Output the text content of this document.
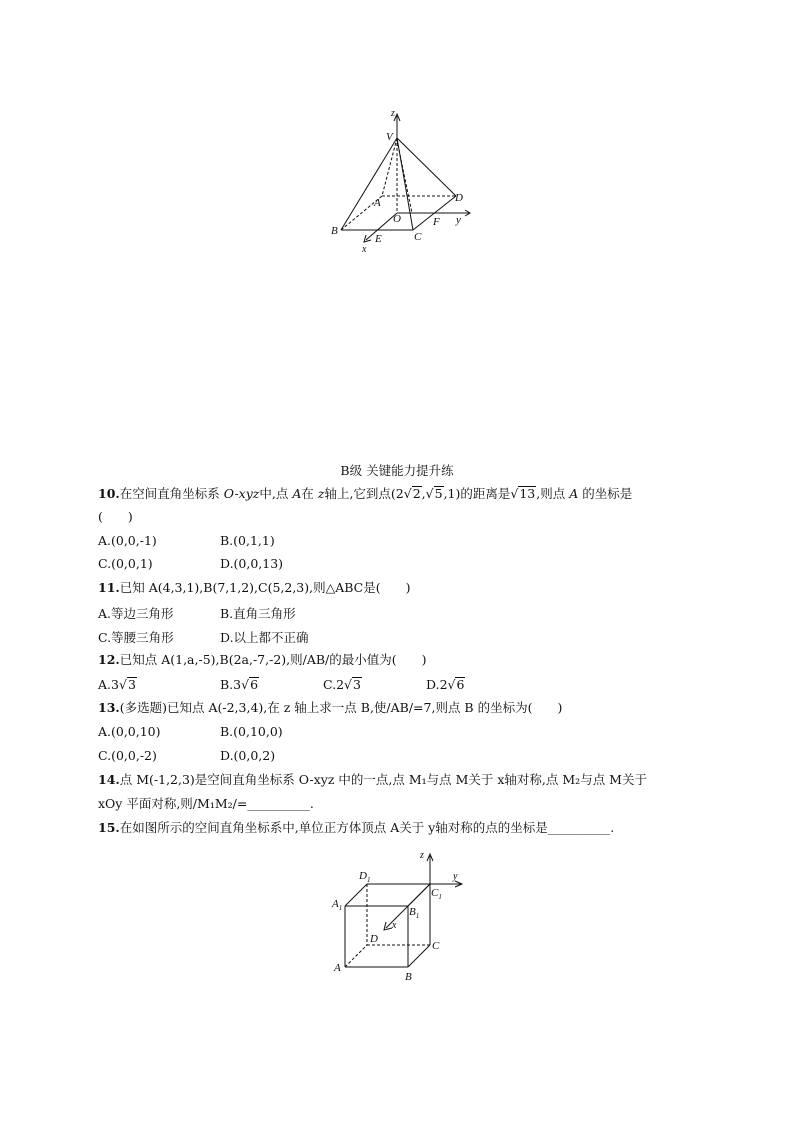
z
V
A	D
B
O
C
F y
E
x
B级 关键能力提升练
10.在空间直角坐标系 O-xyz中,点 A在 z轴上,它到点(2√2,√5,1)的距离是√13,则点 A 的坐标是
(　　)
A.(0,0,-1)	B.(0,1,1)
C.(0,0,1)	D.(0,0,13)
11.已知 A(4,3,1),B(7,1,2),C(5,2,3),则△ABC是(　　)
A.等边三角形	B.直角三角形
C.等腰三角形	D.以上都不正确
12.已知点 A(1,a,-5),B(2a,-7,-2),则/AB/的最小值为(　　)
A.3√3	B.3√6	C.2√3	D.2√6
13.(多选题)已知点 A(-2,3,4),在 z 轴上求一点 B,使/AB/=7,则点 B 的坐标为(　　)
A.(0,0,10)	B.(0,10,0)
C.(0,0,-2)	D.(0,0,2)
14.点 M(-1,2,3)是空间直角坐标系 O-xyz 中的一点,点 M₁与点 M关于 x轴对称,点 M₂与点 M关于
xOy 平面对称,则/M₁M₂/=__________.
15.在如图所示的空间直角坐标系中,单位正方体顶点 A关于 y轴对称的点的坐标是__________.
z
y
$D_1$
$A_1$
$C_1$
$B_1$
x
D
C
A
B
